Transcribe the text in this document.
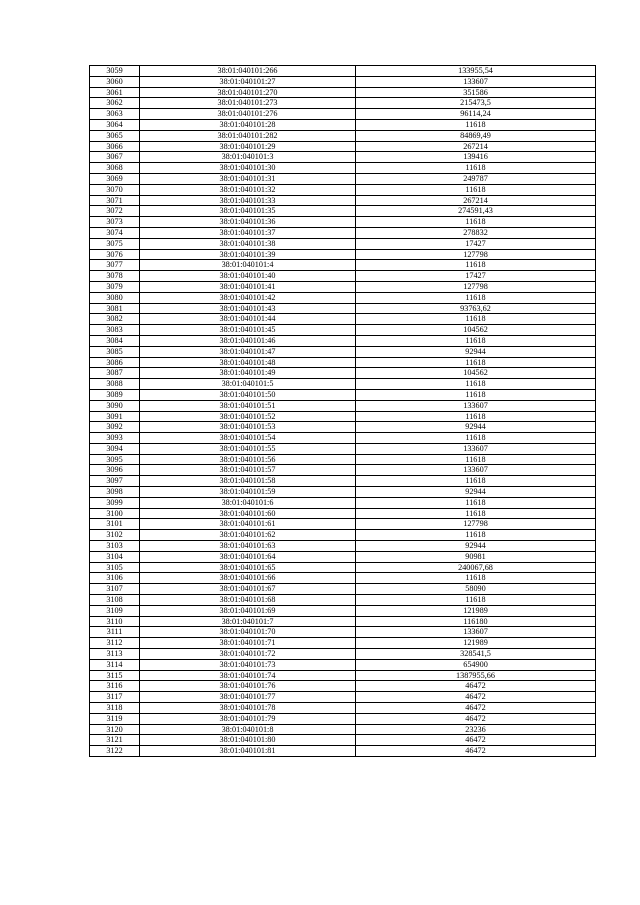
3059	38:01:040101:266	133955,54
3060	38:01:040101:27	133607
3061	38:01:040101:270	351586
3062	38:01:040101:273	215473,5
3063	38:01:040101:276	96114,24
3064	38:01:040101:28	11618
3065	38:01:040101:282	84869,49
3066	38:01:040101:29	267214
3067	38:01:040101:3	139416
3068	38:01:040101:30	11618
3069	38:01:040101:31	249787
3070	38:01:040101:32	11618
3071	38:01:040101:33	267214
3072	38:01:040101:35	274591,43
3073	38:01:040101:36	11618
3074	38:01:040101:37	278832
3075	38:01:040101:38	17427
3076	38:01:040101:39	127798
3077	38:01:040101:4	11618
3078	38:01:040101:40	17427
3079	38:01:040101:41	127798
3080	38:01:040101:42	11618
3081	38:01:040101:43	93763,62
3082	38:01:040101:44	11618
3083	38:01:040101:45	104562
3084	38:01:040101:46	11618
3085	38:01:040101:47	92944
3086	38:01:040101:48	11618
3087	38:01:040101:49	104562
3088	38:01:040101:5	11618
3089	38:01:040101:50	11618
3090	38:01:040101:51	133607
3091	38:01:040101:52	11618
3092	38:01:040101:53	92944
3093	38:01:040101:54	11618
3094	38:01:040101:55	133607
3095	38:01:040101:56	11618
3096	38:01:040101:57	133607
3097	38:01:040101:58	11618
3098	38:01:040101:59	92944
3099	38:01:040101:6	11618
3100	38:01:040101:60	11618
3101	38:01:040101:61	127798
3102	38:01:040101:62	11618
3103	38:01:040101:63	92944
3104	38:01:040101:64	90981
3105	38:01:040101:65	240067,68
3106	38:01:040101:66	11618
3107	38:01:040101:67	58090
3108	38:01:040101:68	11618
3109	38:01:040101:69	121989
3110	38:01:040101:7	116180
3111	38:01:040101:70	133607
3112	38:01:040101:71	121989
3113	38:01:040101:72	328541,5
3114	38:01:040101:73	654900
3115	38:01:040101:74	1387955,66
3116	38:01:040101:76	46472
3117	38:01:040101:77	46472
3118	38:01:040101:78	46472
3119	38:01:040101:79	46472
3120	38:01:040101:8	23236
3121	38:01:040101:80	46472
3122	38:01:040101:81	46472
